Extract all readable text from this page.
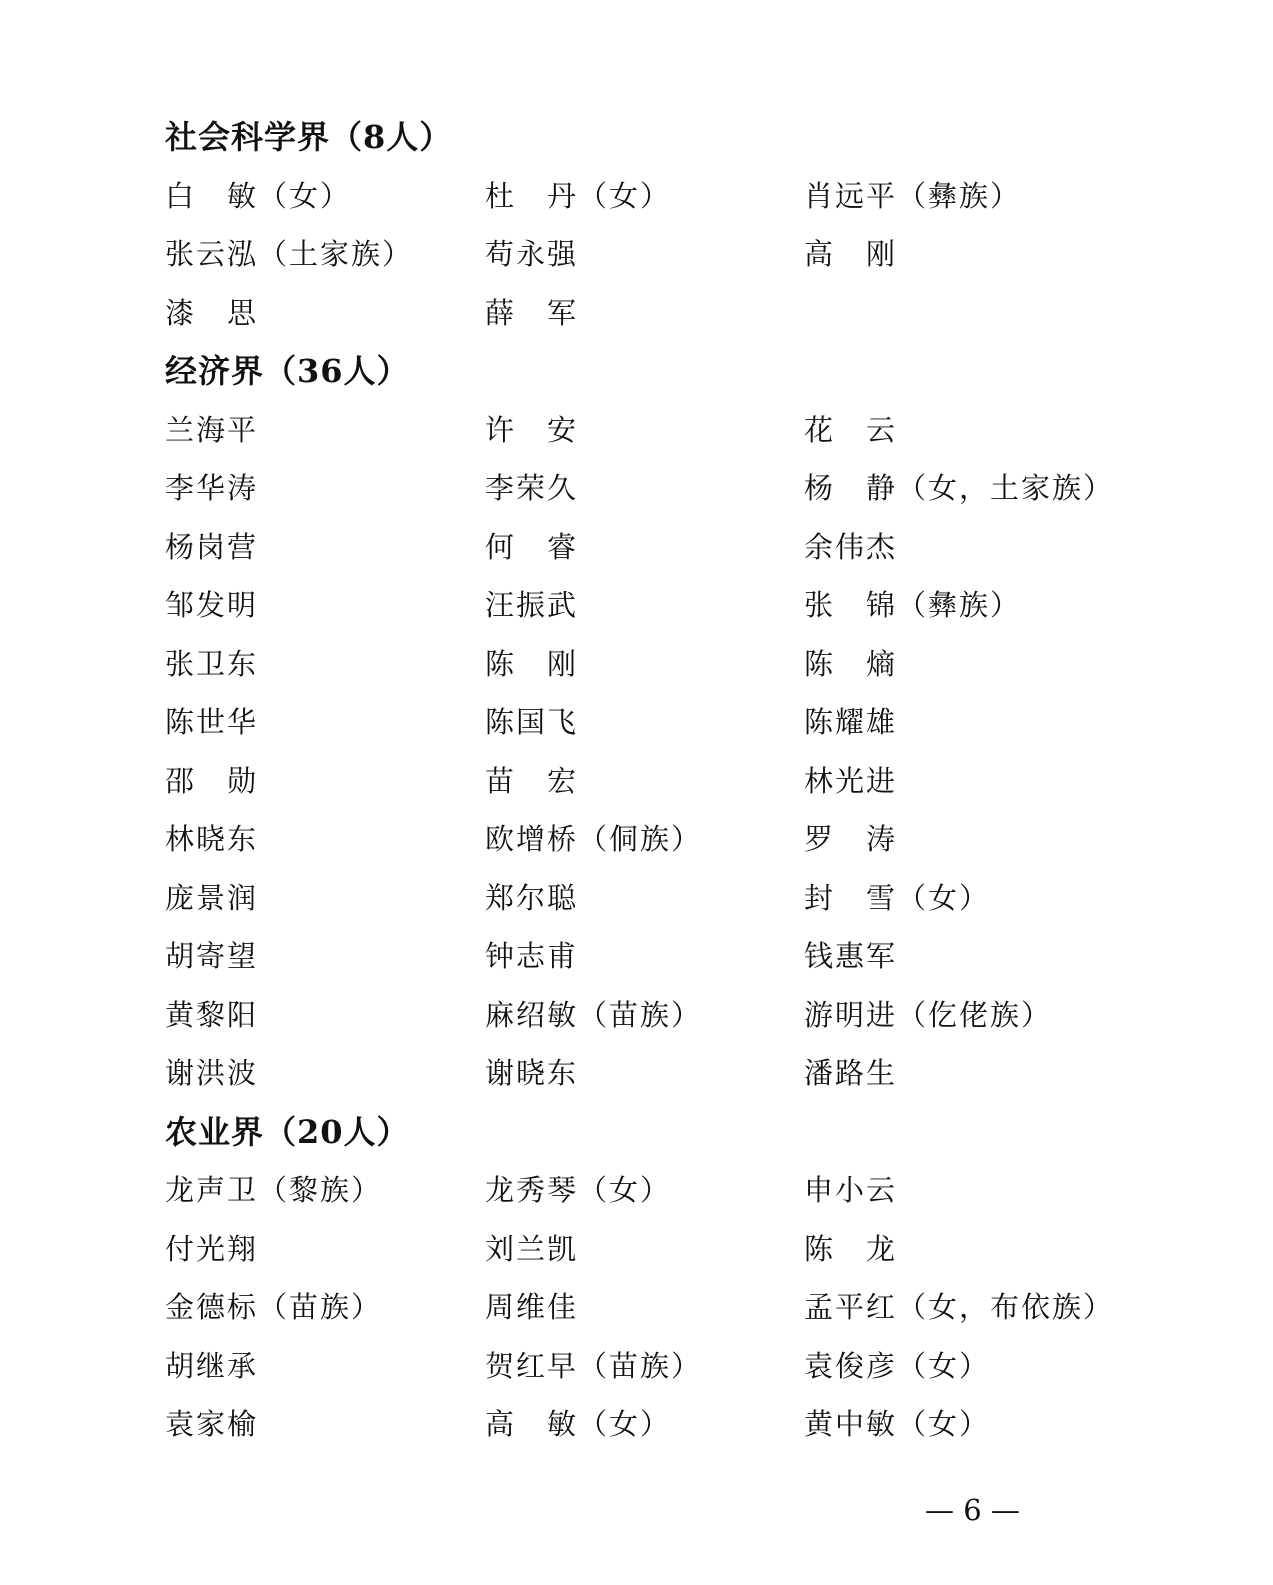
社会科学界（8人）
白　敏（女）	杜　丹（女）	肖远平（彝族）
张云泓（土家族）	苟永强	高　刚
漆　思	薛　军
经济界（36人）
兰海平	许　安	花　云
李华涛	李荣久	杨　静（女，土家族）
杨岗营	何　睿	余伟杰
邹发明	汪振武	张　锦（彝族）
张卫东	陈　刚	陈　熵
陈世华	陈国飞	陈耀雄
邵　勋	苗　宏	林光进
林晓东	欧增桥（侗族）	罗　涛
庞景润	郑尔聪	封　雪（女）
胡寄望	钟志甫	钱惠军
黄黎阳	麻绍敏（苗族）	游明进（仡佬族）
谢洪波	谢晓东	潘路生
农业界（20人）
龙声卫（黎族）	龙秀琴（女）	申小云
付光翔	刘兰凯	陈　龙
金德标（苗族）	周维佳	孟平红（女，布依族）
胡继承	贺红早（苗族）	袁俊彦（女）
袁家榆	高　敏（女）	黄中敏（女）
— 6 —
